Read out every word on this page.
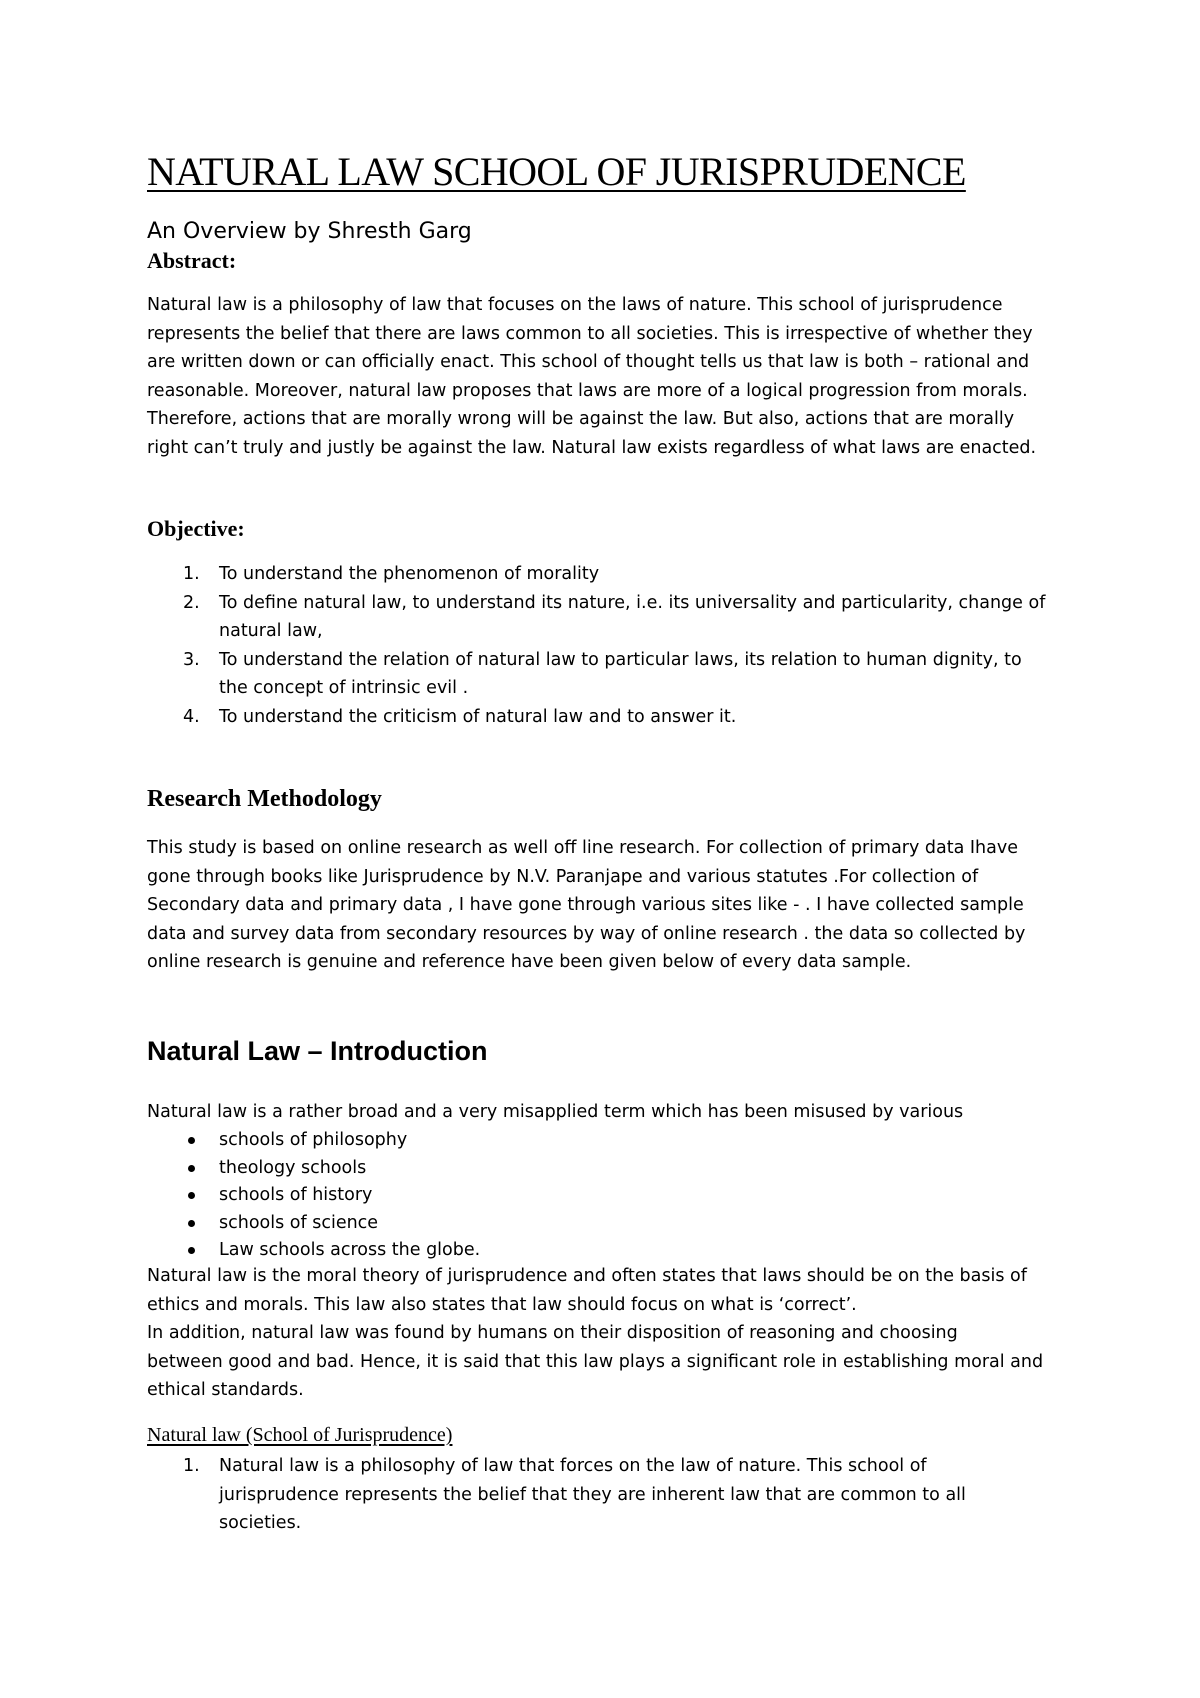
NATURAL LAW SCHOOL OF JURISPRUDENCE

An Overview by Shresth Garg

Abstract:

Natural law is a philosophy of law that focuses on the laws of nature. This school of jurisprudence
represents the belief that there are laws common to all societies. This is irrespective of whether they
are written down or can officially enact. This school of thought tells us that law is both – rational and
reasonable. Moreover, natural law proposes that laws are more of a logical progression from morals.
Therefore, actions that are morally wrong will be against the law. But also, actions that are morally
right can’t truly and justly be against the law. Natural law exists regardless of what laws are enacted.

Objective:
1. To understand the phenomenon of morality
2. To define natural law, to understand its nature, i.e. its universality and particularity, change of
natural law,
3. To understand the relation of natural law to particular laws, its relation to human dignity, to
the concept of intrinsic evil .
4. To understand the criticism of natural law and to answer it.
Research Methodology

This study is based on online research as well off line research. For collection of primary data Ihave
gone through books like Jurisprudence by N.V. Paranjape and various statutes .For collection of
Secondary data and primary data , I have gone through various sites like - . I have collected sample
data and survey data from secondary resources by way of online research . the data so collected by
online research is genuine and reference have been given below of every data sample.

Natural Law – Introduction

Natural law is a rather broad and a very misapplied term which has been misused by various

schools of philosophy
theology schools
schools of history
schools of science
Law schools across the globe.

Natural law is the moral theory of jurisprudence and often states that laws should be on the basis of
ethics and morals. This law also states that law should focus on what is ‘correct’.
In addition, natural law was found by humans on their disposition of reasoning and choosing
between good and bad. Hence, it is said that this law plays a significant role in establishing moral and
ethical standards.

Natural law (School of Jurisprudence)
1. Natural law is a philosophy of law that forces on the law of nature. This school of
jurisprudence represents the belief that they are inherent law that are common to all
societies.
